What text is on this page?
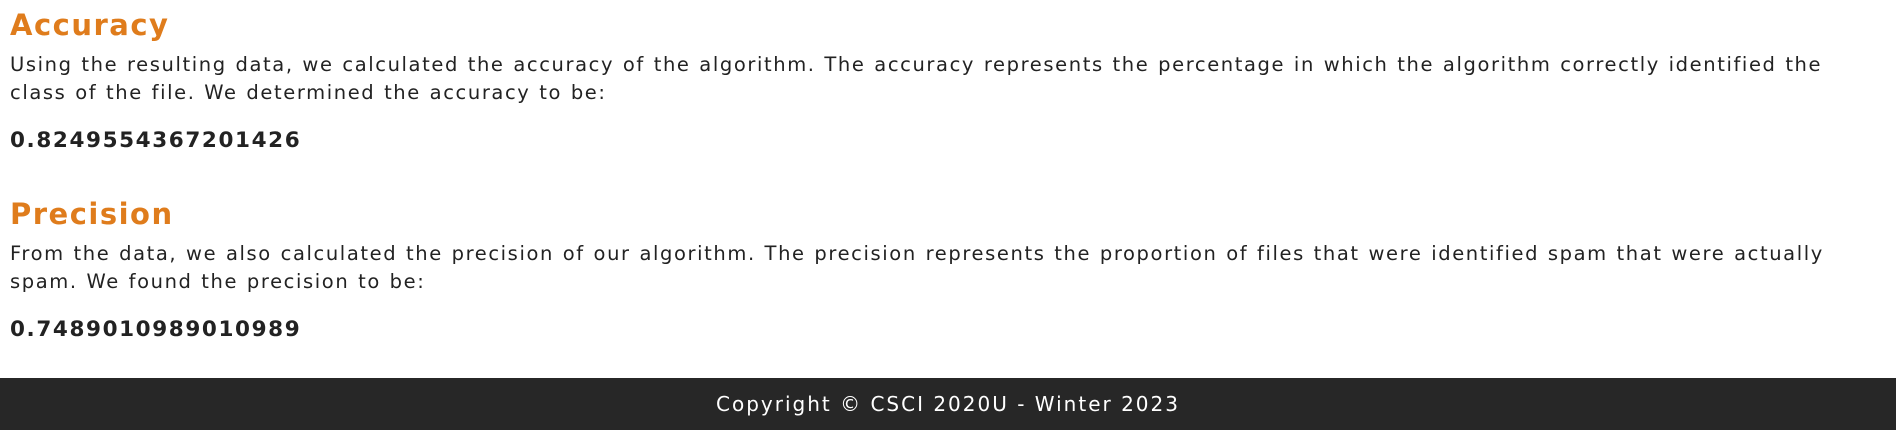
Accuracy

Using the resulting data, we calculated the accuracy of the algorithm. The accuracy represents the percentage in which the algorithm correctly identified the class of the file. We determined the accuracy to be:

0.8249554367201426

Precision

From the data, we also calculated the precision of our algorithm. The precision represents the proportion of files that were identified spam that were actually spam. We found the precision to be:

0.7489010989010989

Copyright © CSCI 2020U - Winter 2023
